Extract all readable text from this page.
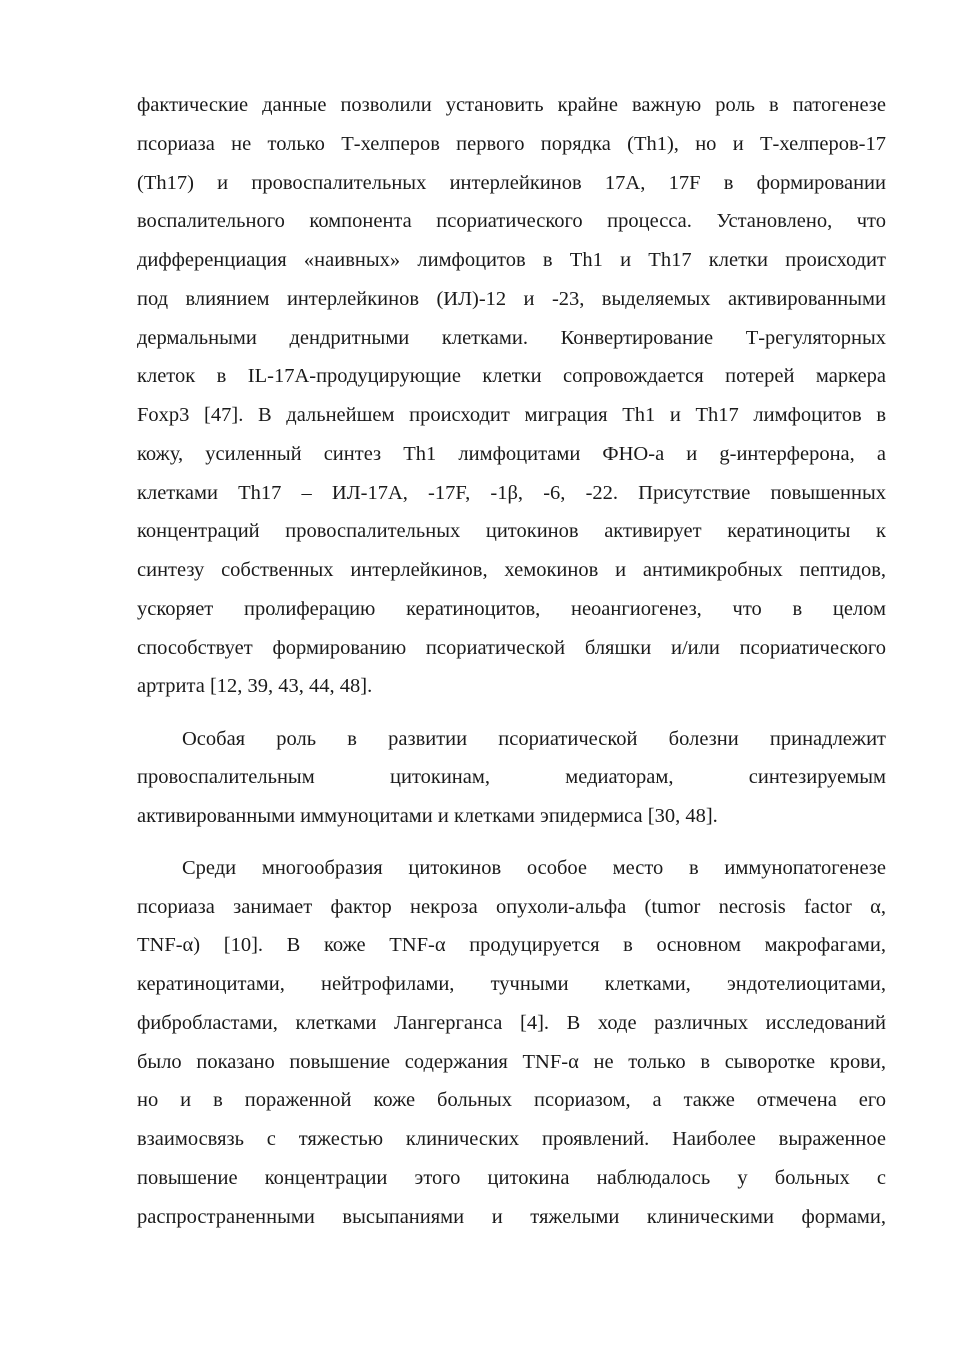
фактические данные позволили установить крайне важную роль в патогенезе
псориаза не только Т-хелперов первого порядка (Th1), но и Т-хелперов-17
(Th17) и провоспалительных интерлейкинов 17А, 17F в формировании
воспалительного компонента псориатического процесса. Установлено, что
дифференциация «наивных» лимфоцитов в Th1 и Th17 клетки происходит
под влиянием интерлейкинов (ИЛ)-12 и -23, выделяемых активированными
дермальными дендритными клетками. Конвертирование Т-регуляторных
клеток в IL-17А-продуцирующие клетки сопровождается потерей маркера
Foxp3 [47]. В дальнейшем происходит миграция Th1 и Th17 лимфоцитов в
кожу, усиленный синтез Th1 лимфоцитами ФНО-a и g-интерферона, а
клетками Th17 – ИЛ-17А, -17F, -1β, -6, -22. Присутствие повышенных
концентраций провоспалительных цитокинов активирует кератиноциты к
синтезу собственных интерлейкинов, хемокинов и антимикробных пептидов,
ускоряет пролиферацию кератиноцитов, неоангиогенез, что в целом
способствует формированию псориатической бляшки и/или псориатического
артрита [12, 39, 43, 44, 48].
Особая роль в развитии псориатической болезни принадлежит
провоспалительным цитокинам, медиаторам, синтезируемым
активированными иммуноцитами и клетками эпидермиса [30, 48].
Среди многообразия цитокинов особое место в иммунопатогенезе
псориаза занимает фактор некроза опухоли-альфа (tumor necrosis factor α,
TNF-α) [10]. В коже TNF-α продуцируется в основном макрофагами,
кератиноцитами, нейтрофилами, тучными клетками, эндотелиоцитами,
фибробластами, клетками Лангерганса [4]. В ходе различных исследований
было показано повышение содержания TNF-α не только в сыворотке крови,
но и в пораженной коже больных псориазом, а также отмечена его
взаимосвязь с тяжестью клинических проявлений. Наиболее выраженное
повышение концентрации этого цитокина наблюдалось у больных с
распространенными высыпаниями и тяжелыми клиническими формами,
